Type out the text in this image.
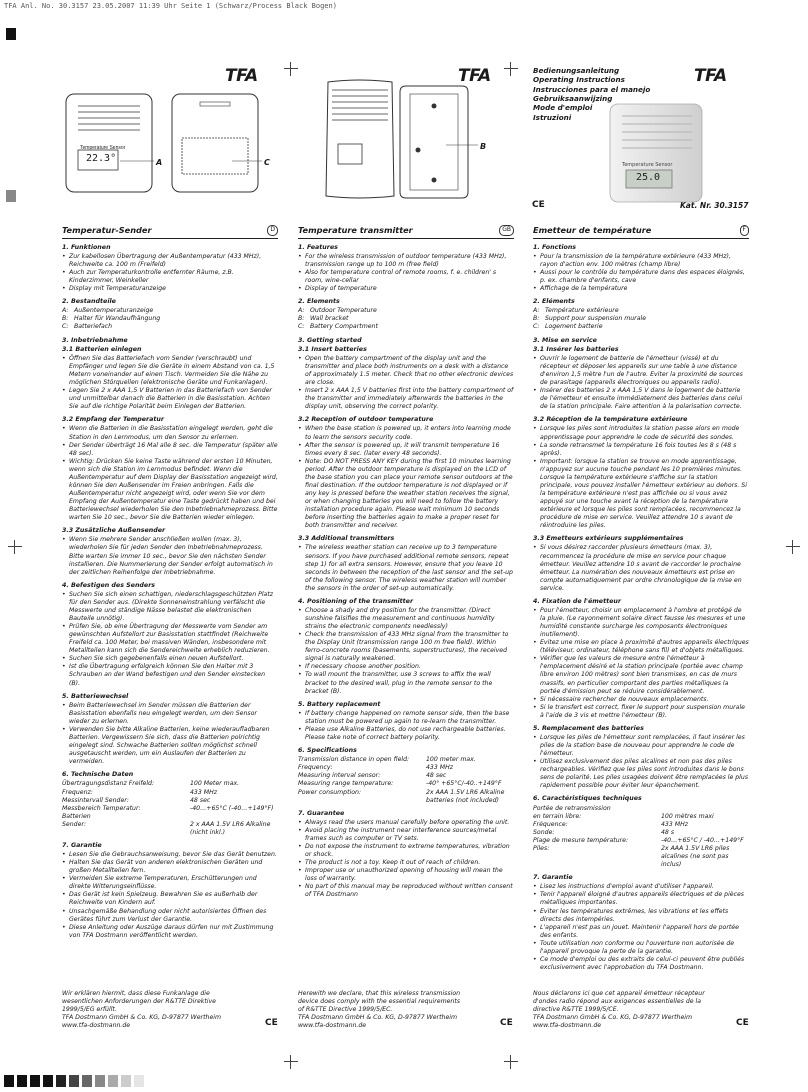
TFA Anl. No. 30.3157 23.05.2007 11:39 Uhr Seite 1 (Schwarz/Process Black Bogen)
TFA
Temperature Sensor
22.3°	A	C
TFA
B
Bedienungsanleitung
Operating Instructions
Instrucciones para el manejo
Gebruiksaanwijzing
Mode d'emploi
Istruzioni
TFA
Temperature Sensor
25.0
CE	Kat. Nr. 30.3157
Temperatur-Sender	D
1. Funktionen
• Zur kabellosen Übertragung der Außentemperatur (433 MHz), Reichweite ca. 100 m (Freifeld)
• Auch zur Temperaturkontrolle entfernter Räume, z.B. Kinderzimmer, Weinkeller
• Display mit Temperaturanzeige
2. Bestandteile
A: Außentemperaturanzeige
B: Halter für Wandaufhängung
C: Batteriefach
3. Inbetriebnahme
3.1 Batterien einlegen
• Öffnen Sie das Batteriefach vom Sender (verschraubt) und Empfänger und legen Sie die Geräte in einem Abstand von ca. 1,5 Metern voneinander auf einen Tisch. Vermeiden Sie die Nähe zu möglichen Störquellen (elektronische Geräte und Funkanlagen).
• Legen Sie 2 x AAA 1,5 V Batterien in das Batteriefach von Sender und unmittelbar danach die Batterien in die Basisstation. Achten Sie auf die richtige Polarität beim Einlegen der Batterien.
3.2 Empfang der Temperatur
• Wenn die Batterien in die Basisstation eingelegt werden, geht die Station in den Lernmodus, um den Sensor zu erlernen.
• Der Sender überträgt 16 Mal alle 8 sec. die Temperatur (später alle 48 sec).
• Wichtig: Drücken Sie keine Taste während der ersten 10 Minuten, wenn sich die Station im Lernmodus befindet. Wenn die Außentemperatur auf dem Display der Basisstation angezeigt wird, können Sie den Außensender im Freien anbringen. Falls die Außentemperatur nicht angezeigt wird, oder wenn Sie vor dem Empfang der Außentemperatur eine Taste gedrückt haben und bei Batteriewechsel wiederholen Sie den Inbetriebnahmeprozess. Bitte warten Sie 10 sec., bevor Sie die Batterien wieder einlegen.
3.3 Zusätzliche Außensender
• Wenn Sie mehrere Sender anschließen wollen (max. 3), wiederholen Sie für jeden Sender den Inbetriebnahmeprozess. Bitte warten Sie immer 10 sec., bevor Sie den nächsten Sender installieren. Die Nummerierung der Sender erfolgt automatisch in der zeitlichen Reihenfolge der Inbetriebnahme.
4. Befestigen des Senders
• Suchen Sie sich einen schattigen, niederschlagsgeschützten Platz für den Sender aus. (Direkte Sonneneinstrahlung verfälscht die Messwerte und ständige Nässe belastet die elektronischen Bauteile unnötig).
• Prüfen Sie, ob eine Übertragung der Messwerte vom Sender am gewünschten Aufstellort zur Basisstation stattfindet (Reichweite Freifeld ca. 100 Meter, bei massiven Wänden, insbesondere mit Metallteilen kann sich die Sendereichweite erheblich reduzieren.
• Suchen Sie sich gegebenenfalls einen neuen Aufstellort.
• Ist die Übertragung erfolgreich können Sie den Halter mit 3 Schrauben an der Wand befestigen und den Sender einstecken (B).
5. Batteriewechsel
• Beim Batteriewechsel im Sender müssen die Batterien der Basisstation ebenfalls neu eingelegt werden, um den Sensor wieder zu erlernen.
• Verwenden Sie bitte Alkaline Batterien, keine wiederaufladbaren Batterien. Vergewissern Sie sich, dass die Batterien polrichtig eingelegt sind. Schwache Batterien sollten möglichst schnell ausgetauscht werden, um ein Auslaufen der Batterien zu vermeiden.
6. Technische Daten
Übertragungsdistanz Freifeld:	100 Meter max.
Frequenz:	433 MHz
Messintervall Sender:	48 sec
Messbereich Temperatur:	-40…+65°C (-40…+149°F)
Batterien
Sender:	2 x AAA 1.5V LR6 Alkaline (nicht inkl.)
7. Garantie
• Lesen Sie die Gebrauchsanweisung, bevor Sie das Gerät benutzen.
• Halten Sie das Gerät von anderen elektronischen Geräten und großen Metallteilen fern.
• Vermeiden Sie extreme Temperaturen, Erschütterungen und direkte Witterungseinflüsse.
• Das Gerät ist kein Spielzeug. Bewahren Sie es außerhalb der Reichweite von Kindern auf.
• Unsachgemäße Behandlung oder nicht autorisiertes Öffnen des Gerätes führt zum Verlust der Garantie.
• Diese Anleitung oder Auszüge daraus dürfen nur mit Zustimmung von TFA Dostmann veröffentlicht werden.
Temperature transmitter	GB
1. Features
• For the wireless transmission of outdoor temperature (433 MHz), transmission range up to 100 m (free field)
• Also for temperature control of remote rooms, f. e. children' s room, wine-cellar
• Display of temperature
2. Elements
A: Outdoor Temperature
B: Wall bracket
C: Battery Compartment
3. Getting started
3.1 Insert batteries
• Open the battery compartment of the display unit and the transmitter and place both instruments on a desk with a distance of approximately 1.5 meter. Check that no other electronic devices are close.
• Insert 2 x AAA 1,5 V batteries first into the battery compartment of the transmitter and immediately afterwards the batteries in the display unit, observing the correct polarity.
3.2 Reception of outdoor temperature
• When the base station is powered up, it enters into learning mode to learn the sensors security code.
• After the sensor is powered up, it will transmit temperature 16 times every 8 sec. (later every 48 seconds).
• Note: DO NOT PRESS ANY KEY during the first 10 minutes learning period. After the outdoor temperature is displayed on the LCD of the base station you can place your remote sensor outdoors at the final destination. If the outdoor temperature is not displayed or if any key is pressed before the weather station receives the signal, or when changing batteries you will need to follow the battery installation procedure again. Please wait minimum 10 seconds before inserting the batteries again to make a proper reset for both transmitter and receiver.
3.3 Additional transmitters
• The wireless weather station can receive up to 3 temperature sensors. If you have purchased additional remote sensors, repeat step 1) for all extra sensors. However, ensure that you leave 10 seconds in between the reception of the last sensor and the set-up of the following sensor. The wireless weather station will number the sensors in the order of set-up automatically.
4. Positioning of the transmitter
• Choose a shady and dry position for the transmitter. (Direct sunshine falsifies the measurement and continuous humidity strains the electronic components needlessly)
• Check the transmission of 433 MHz signal from the transmitter to the Display Unit (transmission range 100 m free field). Within ferro-concrete rooms (basements, superstructures), the received signal is naturally weakened.
• If necessary choose another position.
• To wall mount the transmitter, use 3 screws to affix the wall bracket to the desired wall, plug in the remote sensor to the bracket (B).
5. Battery replacement
• If battery change happened on remote sensor side, then the base station must be powered up again to re-learn the transmitter.
• Please use Alkaline Batteries, do not use rechargeable batteries. Please take note of correct battery polarity.
6. Specifications
Transmission distance in open field:	100 meter max.
Frequency:	433 MHz
Measuring interval sensor:	48 sec
Measuring range temperature:	-40° +65°C/-40..+149°F
Power consumption:	2x AAA 1.5V LR6 Alkaline batteries (not included)
7. Guarantee
• Always read the users manual carefully before operating the unit.
• Avoid placing the instrument near interference sources/metal frames such as computer or TV sets.
• Do not expose the instrument to extreme temperatures, vibration or shock.
• The product is not a toy. Keep it out of reach of children.
• Improper use or unauthorized opening of housing will mean the loss of warranty.
• No part of this manual may be reproduced without written consent of TFA Dostmann
Emetteur de température	F
1. Fonctions
• Pour la transmission de la température extérieure (433 MHz), rayon d'action env. 100 mètres (champ libre)
• Aussi pour le contrôle du température dans des espaces éloignés, p. ex. chambre d'enfants, cave
• Affichage de la température
2. Eléments
A: Température extérieure
B: Support pour suspension murale
C: Logement batterie
3. Mise en service
3.1 Insérer les batteries
• Ouvrir le logement de batterie de l'émetteur (vissé) et du récepteur et déposer les appareils sur une table à une distance d'environ 1,5 mètre l'un de l'autre. Eviter la proximité de sources de parasitage (appareils électroniques ou appareils radio).
• Insérer des batteries 2 x AAA 1,5 V dans le logement de batterie de l'émetteur et ensuite immédiatement des batteries dans celui de la station principale. Faire attention à la polarisation correcte.
3.2 Réception de la température extérieure
• Lorsque les piles sont introduites la station passe alors en mode apprentissage pour apprendre le code de sécurité des sondes.
• La sonde retransmet la température 16 fois toutes les 8 s (48 s après).
• Important: lorsque la station se trouve en mode apprentissage, n'appuyez sur aucune touche pendant les 10 premières minutes. Lorsque la température extérieure s'affiche sur la station principale, vous pouvez installer l'émetteur extérieur au dehors. Si la température extérieure n'est pas affichée ou si vous avez appuyé sur une touche avant la réception de la température extérieure et lorsque les piles sont remplacées, recommencez la procédure de mise en service. Veuillez attendre 10 s avant de réintroduire les piles.
3.3 Emetteurs extérieurs supplémentaires
• Si vous désirez raccorder plusieurs émetteurs (max. 3), recommencez la procédure de mise en service pour chaque émetteur. Veuillez attendre 10 s avant de raccorder le prochaine émetteur. La numération des nouveaux émetteurs est prise en compte automatiquement par ordre chronologique de la mise en service.
4. Fixation de l'émetteur
• Pour l'émetteur, choisir un emplacement à l'ombre et protégé de la pluie. (Le rayonnement solaire direct fausse les mesures et une humidité constante surcharge les composants électroniques inutilement).
• Evitez une mise en place à proximité d'autres appareils électriques (téléviseur, ordinateur, téléphone sans fil) et d'objets métalliques.
• Vérifier que les valeurs de mesure entre l'émetteur à l'emplacement désiré et la station principale (portée avec champ libre environ 100 mètres) sont bien transmises, en cas de murs massifs, en particulier comportant des parties métalliques la portée d'émission peut se réduire considérablement.
• Si nécessaire rechercher de nouveaux emplacements.
• Si le transfert est correct, fixer le support pour suspension murale à l'aide de 3 vis et mettre l'émetteur (B).
5. Remplacement des batteries
• Lorsque les piles de l'émetteur sont remplacées, il faut insérer les piles de la station base de nouveau pour apprendre le code de l'émetteur.
• Utilisez exclusivement des piles alcalines et non pas des piles rechargeables. Vérifiez que les piles sont introduites dans le bons sens de polarité. Les piles usagées doivent être remplacées le plus rapidement possible pour éviter leur épanchement.
6. Caractéristiques techniques
Portée de retransmission
en terrain libre:	100 mètres maxi
Fréquence:	433 MHz
Sonde:	48 s
Plage de mesure température:	-40…+65°C / -40…+149°F
Piles:	2x AAA 1.5V LR6 piles alcalines (ne sont pas inclus)
7. Garantie
• Lisez les instructions d'emploi avant d'utiliser l'appareil.
• Tenir l'appareil éloigné d'autres appareils électriques et de pièces métalliques importantes.
• Eviter les températures extrêmes, les vibrations et les effets directs des intempéries.
• L'appareil n'est pas un jouet. Maintenir l'appareil hors de portée des enfants.
• Toute utilisation non conforme ou l'ouverture non autorisée de l'appareil provoque la perte de la garantie.
• Ce mode d'emploi ou des extraits de celui-ci peuvent être publiés exclusivement avec l'approbation du TFA Dostmann.
Wir erklären hiermit, dass diese Funkanlage die
wesentlichen Anforderungen der R&TTE Direktive
1999/5/EG erfüllt.
TFA Dostmann GmbH & Co. KG, D-97877 Wertheim
www.tfa-dostmann.de	CE
Herewith we declare, that this wireless transmission
device does comply with the essential requirements
of R&TTE Directive 1999/5/EC.
TFA Dostmann GmbH & Co. KG, D-97877 Wertheim
www.tfa-dostmann.de	CE
Nous déclarons ici que cet appareil émetteur récepteur
d'ondes radio répond aux exigences essentielles de la
directive R&TTE 1999/5/CE.
TFA Dostmann GmbH & Co. KG, D-97877 Wertheim
www.tfa-dostmann.de	CE
